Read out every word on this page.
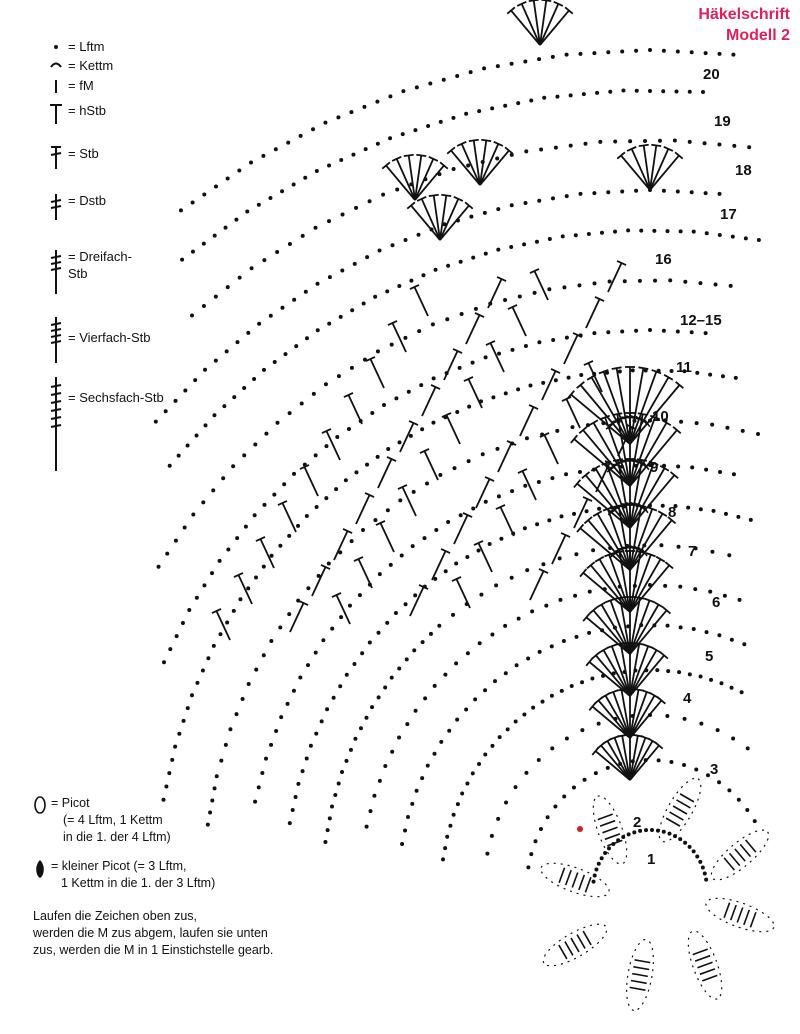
Häkelschrift
Modell 2
= Lftm
= Kettm
= fM
= hStb
= Stb
= Dstb
= Dreifach-
Stb
= Vierfach-Stb
= Sechsfach-Stb
20
19
18
17
16
12–15
11
10
9
8
7
6
5
4
3
2
1
= Picot
(= 4 Lftm, 1 Kettm
in die 1. der 4 Lftm)
= kleiner Picot (= 3 Lftm,
1 Kettm in die 1. der 3 Lftm)
Laufen die Zeichen oben zus,
werden die M zus abgem, laufen sie unten
zus, werden die M in 1 Einstichstelle gearb.
